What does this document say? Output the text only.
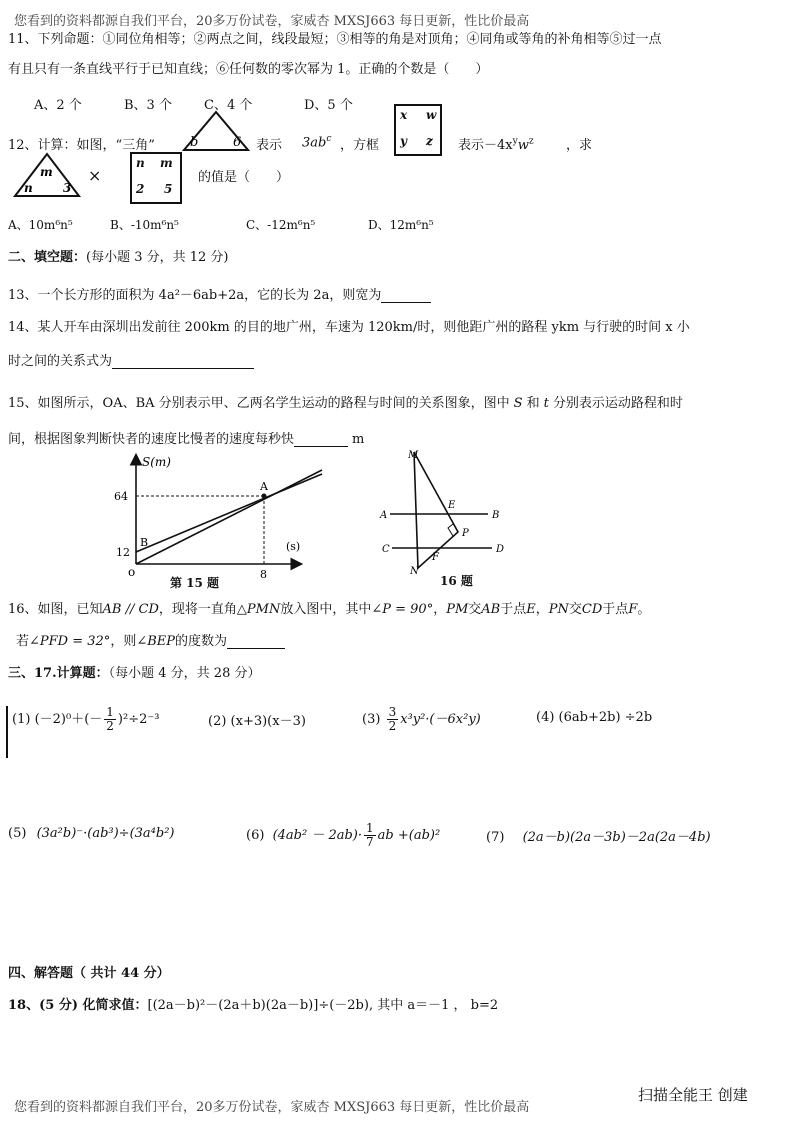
您看到的资料都源自我们平台，20多万份试卷，家威杏 MXSJ663 每日更新，性比价最高
11、下列命题：①同位角相等；②两点之间，线段最短；③相等的角是对顶角；④同角或等角的补角相等⑤过一点
有且只有一条直线平行于已知直线；⑥任何数的零次幂为 1。正确的个数是（　　）
A、2 个	B、3 个 C、4 个	D、5 个
12、计算：如图，“三角”	b	6 表示 $3ab^c$ ，方框
x w
y z 表示$-4x^yw^z$ ，求
m
n	3
×
n m
2 5
的值是（　　）
A、10m⁶n⁵	B、-10m⁶n⁵	C、-12m⁶n⁵	D、12m⁶n⁵
二、填空题：(每小题 3 分，共 12 分)
13、一个长方形的面积为 4a²－6ab+2a，它的长为 2a，则宽为
14、某人开车由深圳出发前往 200km 的目的地广州，车速为 120km/时，则他距广州的路程 ykm 与行驶的时间 x 小
时之间的关系式为
15、如图所示，OA、BA 分别表示甲、乙两名学生运动的路程与时间的关系图象，图中 S 和 t 分别表示运动路程和时
间，根据图象判断快者的速度比慢者的速度每秒快	m
S(m)
64
12
o	8
(s)
A
B
第 15 题
M
A	B
E
P
C	D
F
N
16 题
16、如图，已知AB // CD，现将一直角△PMN放入图中，其中∠P = 90°，PM交AB于点E，PN交CD于点F。
若∠PFD = 32°，则∠BEP的度数为
三、17.计算题：（每小题 4 分，共 28 分）
(1) $(-2)^0+(- \frac{1}{2} )^2\div 2^{-3}$	(2) (x+3)(x－3)	$(3) \frac{3}{2} x^3y^2\cdot(-6x^2y)$	(4) (6ab+2b) ÷2b
(5) (3a²b)⁻·(ab³)÷(3a⁴b²)	(6) $(4ab^2 - 2ab)\cdot \frac{1}{7}$ ab +(ab)²	(7) (2a－b)(2a－3b)－2a(2a－4b)
四、解答题（ 共计 44 分）
18、(5 分) 化简求值：[(2a－b)²－(2a＋b)(2a－b)]÷(－2b), 其中 a＝－1 ， b=2
您看到的资料都源自我们平台，20多万份试卷，家威杏 MXSJ663 每日更新，性比价最高
扫描全能王 创建
